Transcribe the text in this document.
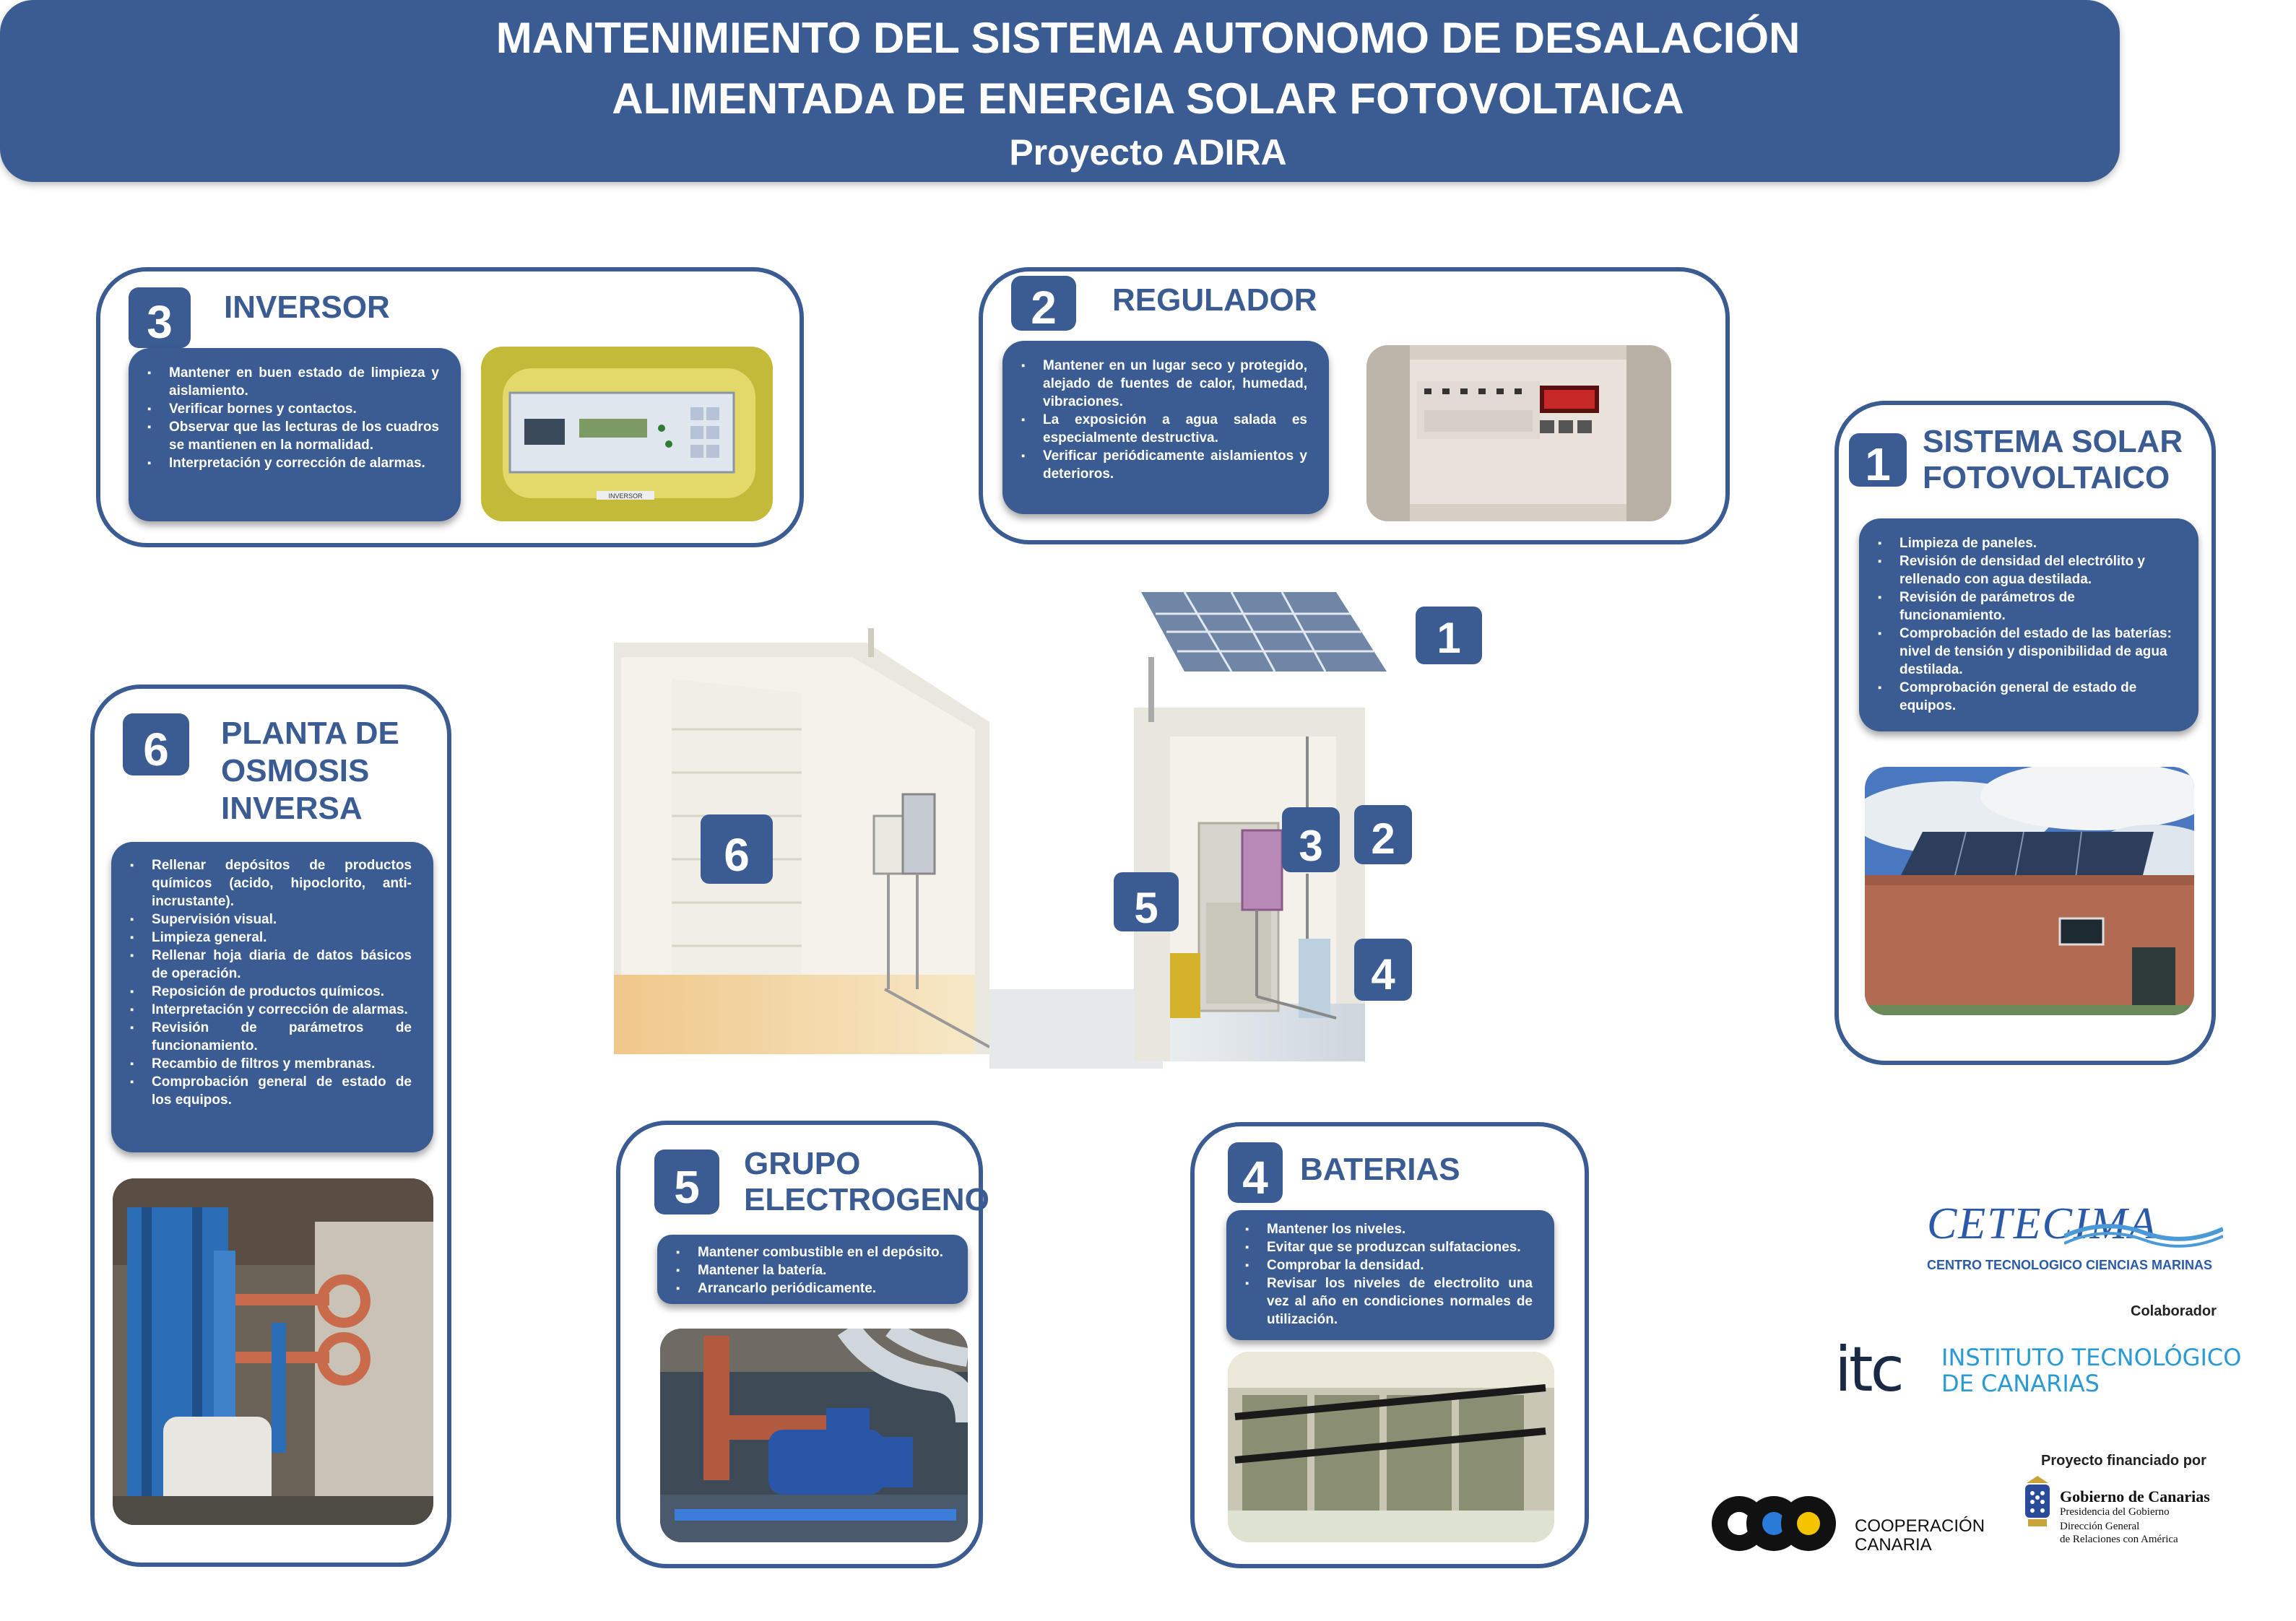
MANTENIMIENTO DEL SISTEMA AUTONOMO DE DESALACIÓN
ALIMENTADA DE ENERGIA SOLAR FOTOVOLTAICA
Proyecto ADIRA
3	INVERSOR
▪ Mantener en buen estado de limpieza y aislamiento.
▪ Verificar bornes y contactos.
▪ Observar que las lecturas de los cuadros se mantienen en la normalidad.
▪ Interpretación y corrección de alarmas.
INVERSOR
2	REGULADOR
▪ Mantener en un lugar seco y protegido, alejado de fuentes de calor, humedad, vibraciones.
▪ La exposición a agua salada es especialmente destructiva.
▪ Verificar periódicamente aislamientos y deterioros.	1	SISTEMA SOLAR
FOTOVOLTAICO
▪ Limpieza de paneles.
▪ Revisión de densidad del electrólito y rellenado con agua destilada.
▪ Revisión de parámetros de funcionamiento.
▪ Comprobación del estado de las baterías: nivel de tensión y disponibilidad de agua destilada.
▪ Comprobación general de estado de equipos.
6	PLANTA DE
OSMOSIS
INVERSA
▪ Rellenar depósitos de productos químicos (acido, hipoclorito, anti-incrustante).
▪ Supervisión visual.
▪ Limpieza general.
▪ Rellenar hoja diaria de datos básicos de operación.
▪ Reposición de productos químicos.
▪ Interpretación y corrección de alarmas.
▪ Revisión de parámetros de funcionamiento.
▪ Recambio de filtros y membranas.
▪ Comprobación general de estado de los equipos.
5	GRUPO
ELECTROGENO
▪ Mantener combustible en el depósito.
▪ Mantener la batería.
▪ Arrancarlo periódicamente.
4	BATERIAS
▪ Mantener los niveles.
▪ Evitar que se produzcan sulfataciones.
▪ Comprobar la densidad.
▪ Revisar los niveles de electrolito una vez al año en condiciones normales de utilización.
1
2
3
4
5
6
CETECIMA
CENTRO TECNOLOGICO CIENCIAS MARINAS
Colaborador
itc INSTITUTO TECNOLÓGICO
DE CANARIAS
Proyecto financiado por
COOPERACIÓN
CANARIA
Gobierno de Canarias
Presidencia del Gobierno
Dirección General
de Relaciones con América
